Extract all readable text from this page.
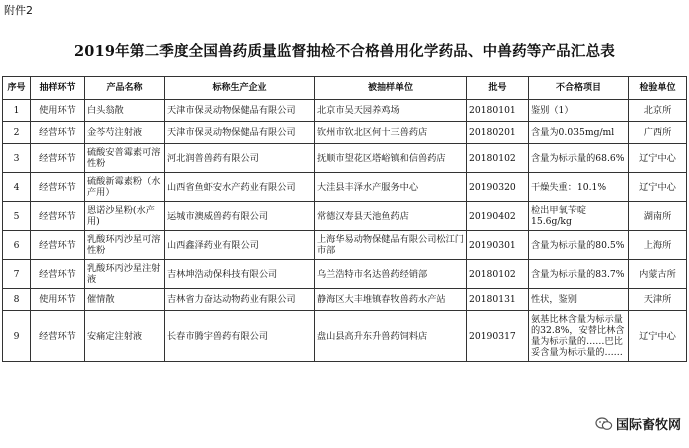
附件2
2019年第二季度全国兽药质量监督抽检不合格兽用化学药品、中兽药等产品汇总表
序号	抽样环节	产品名称	标称生产企业	被抽样单位	批号	不合格项目	检验单位
1	使用环节	白头翁散	天津市保灵动物保健品有限公司	北京市吴天园养鸡场	20180101	鉴别（1）	北京所
2	经营环节	金芩芍注射液	天津市保灵动物保健品有限公司	钦州市钦北区何十三兽药店	20180201	含量为0.035mg/ml	广西所
3	经营环节	硫酸安普霉素可溶性粉	河北润普兽药有限公司	抚顺市望花区塔峪镇和信兽药店	20180102	含量为标示量的68.6%	辽宁中心
4	经营环节	硫酸新霉素粉（水产用）	山西省鱼虾安水产药业有限公司	大洼县丰泽水产服务中心	20190320	干燥失重：10.1%	辽宁中心
5	经营环节	恩诺沙星粉(水产用)	运城市澳威兽药有限公司	常德汉寿县天池鱼药店	20190402	检出甲氧苄啶15.6g/kg	湖南所
6	经营环节	乳酸环丙沙星可溶性粉	山西鑫泽药业有限公司	上海华易动物保健品有限公司松江门市部	20190301	含量为标示量的80.5%	上海所
7	经营环节	乳酸环丙沙星注射液	吉林坤浩动保科技有限公司	乌兰浩特市名达兽药经销部	20180102	含量为标示量的83.7%	内蒙古所
8	使用环节	催情散	吉林省力奋达动物药业有限公司	静海区大丰堆镇春牧兽药水产站	20180131	性状，鉴别	天津所
9	经营环节	安痛定注射液	长春市腾宇兽药有限公司	盘山县高升东升兽药饲料店	20190317	氨基比林含量为标示量的32.8%，安替比林含量为标示量的……巴比妥含量为标示量的……	辽宁中心
国际畜牧网
